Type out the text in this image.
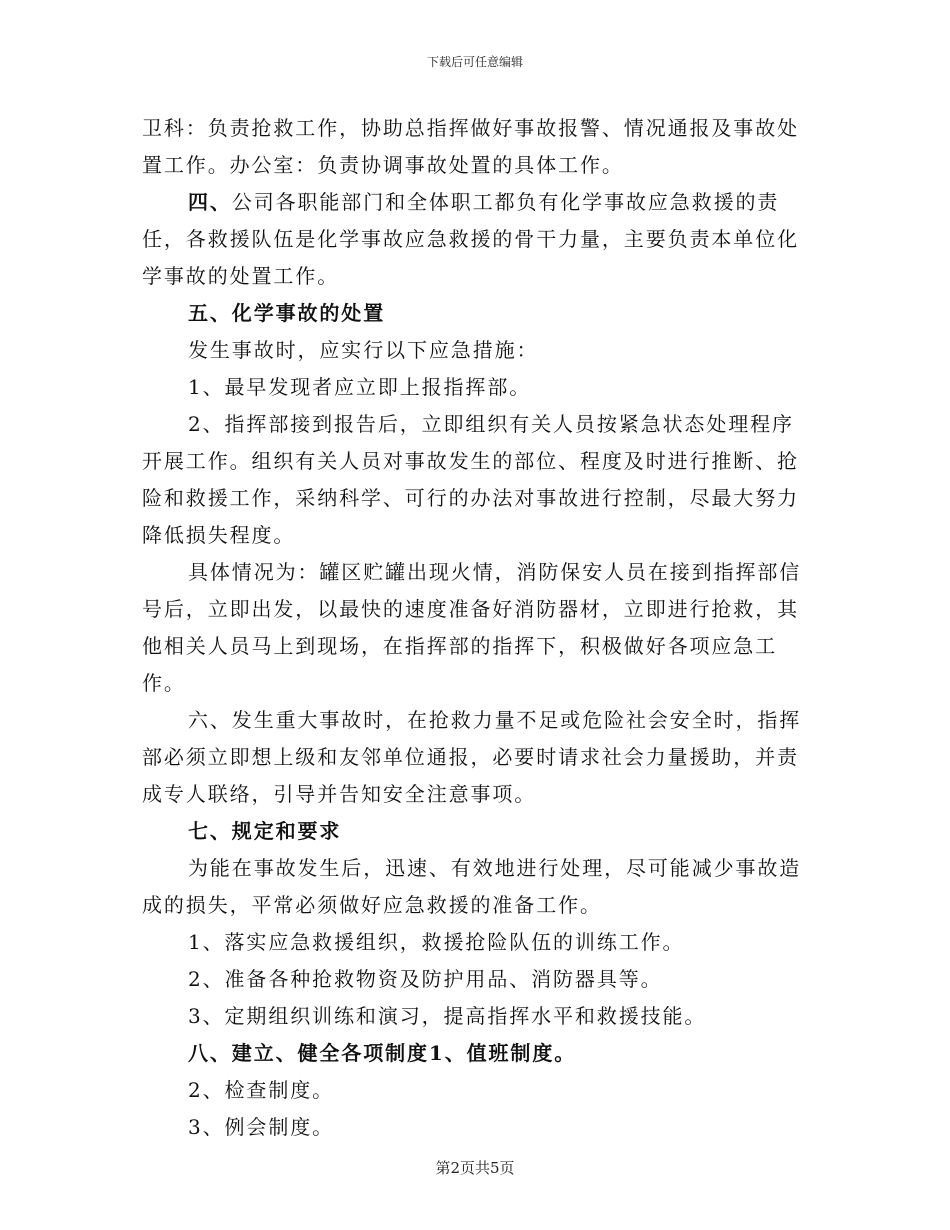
下载后可任意编辑

卫科：负责抢救工作，协助总指挥做好事故报警、情况通报及事故处置工作。办公室：负责协调事故处置的具体工作。

四、公司各职能部门和全体职工都负有化学事故应急救援的责任，各救援队伍是化学事故应急救援的骨干力量，主要负责本单位化学事故的处置工作。

五、化学事故的处置

发生事故时，应实行以下应急措施：

1、最早发现者应立即上报指挥部。

2、指挥部接到报告后，立即组织有关人员按紧急状态处理程序开展工作。组织有关人员对事故发生的部位、程度及时进行推断、抢险和救援工作，采纳科学、可行的办法对事故进行控制，尽最大努力降低损失程度。

具体情况为：罐区贮罐出现火情，消防保安人员在接到指挥部信号后，立即出发，以最快的速度准备好消防器材，立即进行抢救，其他相关人员马上到现场，在指挥部的指挥下，积极做好各项应急工作。

六、发生重大事故时，在抢救力量不足或危险社会安全时，指挥部必须立即想上级和友邻单位通报，必要时请求社会力量援助，并责成专人联络，引导并告知安全注意事项。

七、规定和要求

为能在事故发生后，迅速、有效地进行处理，尽可能减少事故造成的损失，平常必须做好应急救援的准备工作。

1、落实应急救援组织，救援抢险队伍的训练工作。

2、准备各种抢救物资及防护用品、消防器具等。

3、定期组织训练和演习，提高指挥水平和救援技能。

八、建立、健全各项制度1、值班制度。

2、检查制度。

3、例会制度。

第2页共5页
